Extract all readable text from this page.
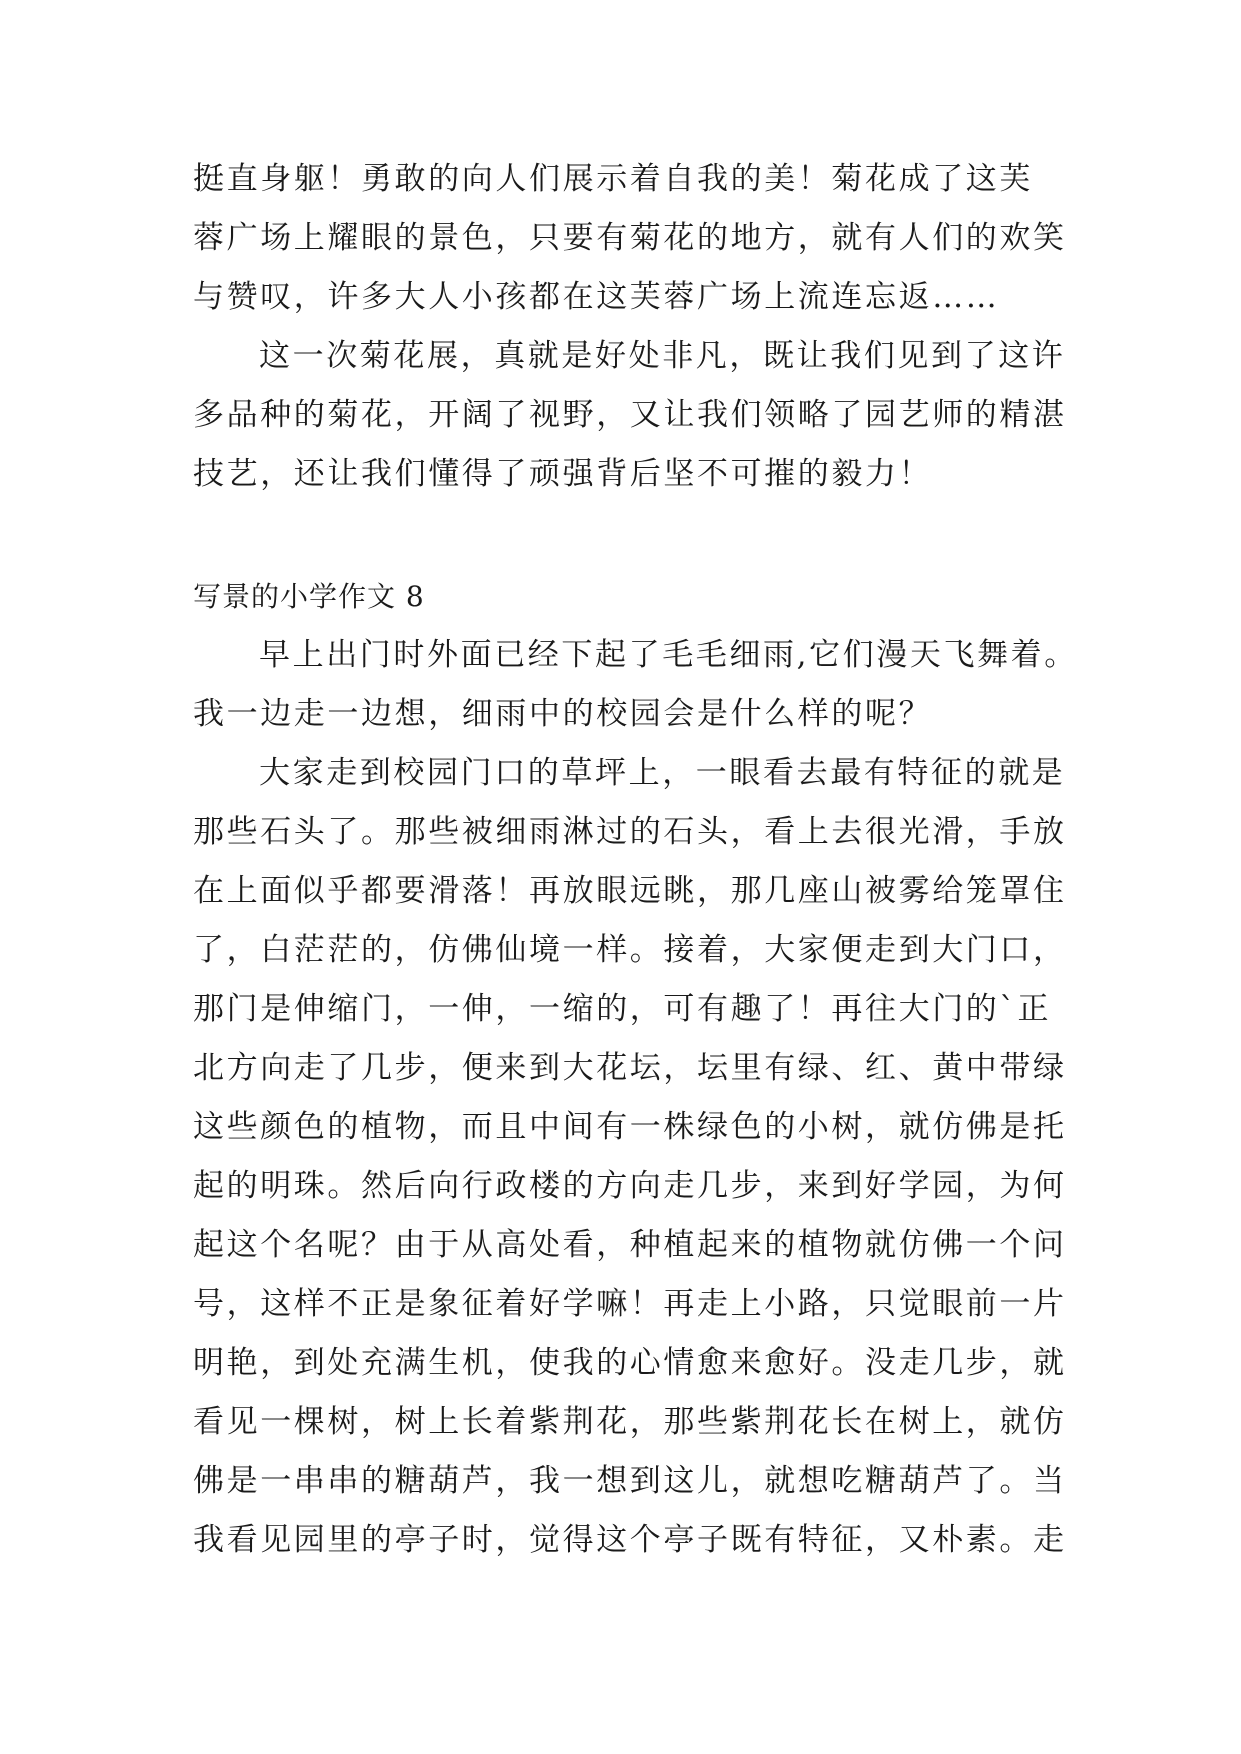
挺直身躯！勇敢的向人们展示着自我的美！菊花成了这芙
蓉广场上耀眼的景色，只要有菊花的地方，就有人们的欢笑
与赞叹，许多大人小孩都在这芙蓉广场上流连忘返……
这一次菊花展，真就是好处非凡，既让我们见到了这许
多品种的菊花，开阔了视野，又让我们领略了园艺师的精湛
技艺，还让我们懂得了顽强背后坚不可摧的毅力！
写景的小学作文 8
早上出门时外面已经下起了毛毛细雨,它们漫天飞舞着。
我一边走一边想，细雨中的校园会是什么样的呢？
大家走到校园门口的草坪上，一眼看去最有特征的就是
那些石头了。那些被细雨淋过的石头，看上去很光滑，手放
在上面似乎都要滑落！再放眼远眺，那几座山被雾给笼罩住
了，白茫茫的，仿佛仙境一样。接着，大家便走到大门口，
那门是伸缩门，一伸，一缩的，可有趣了！再往大门的`正
北方向走了几步，便来到大花坛，坛里有绿、红、黄中带绿
这些颜色的植物，而且中间有一株绿色的小树，就仿佛是托
起的明珠。然后向行政楼的方向走几步，来到好学园，为何
起这个名呢？由于从高处看，种植起来的植物就仿佛一个问
号，这样不正是象征着好学嘛！再走上小路，只觉眼前一片
明艳，到处充满生机，使我的心情愈来愈好。没走几步，就
看见一棵树，树上长着紫荆花，那些紫荆花长在树上，就仿
佛是一串串的糖葫芦，我一想到这儿，就想吃糖葫芦了。当
我看见园里的亭子时，觉得这个亭子既有特征，又朴素。走
